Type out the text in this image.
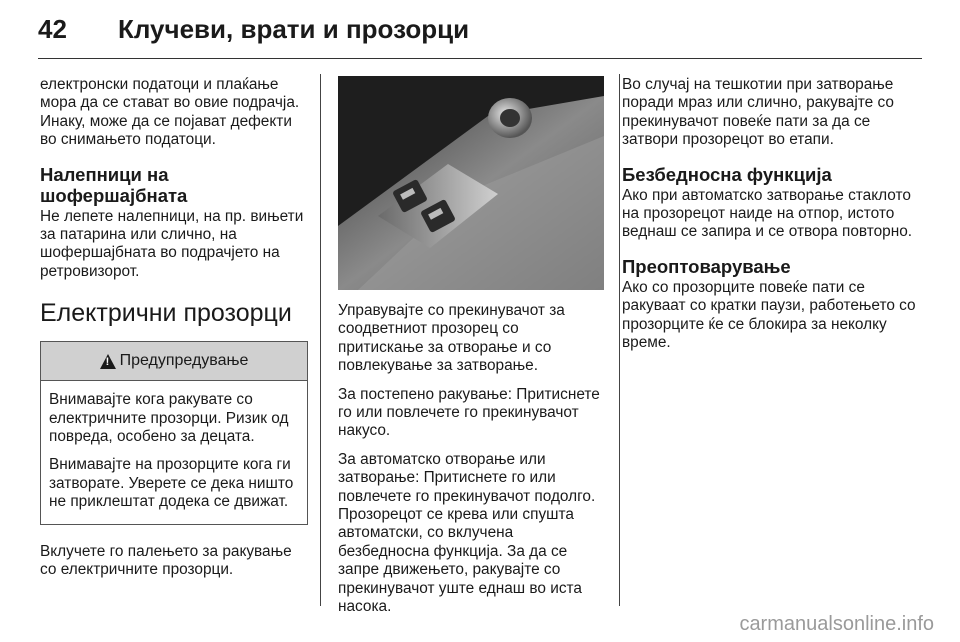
42 Клучеви, врати и прозорци

електронски податоци и плаќање мора да се стават во овие подрачја. Инаку, може да се појават дефекти во снимањето податоци.

Налепници на шофершајбната

Не лепете налепници, на пр. вињети за патарина или слично, на шофершајбната во подрачјето на ретровизорот.

Електрични прозорци
!
Предупредување

Внимавајте кога ракувате со електричните прозорци. Ризик од повреда, особено за децата.

Внимавајте на прозорците кога ги затворате. Уверете се дека ништо не приклештат додека се движат.

Вклучете го палењето за ракување со електричните прозорци.

Управувајте со прекинувачот за соодветниот прозорец со притискање за отворање и со повлекување за затворање.

За постепено ракување: Притиснете го или повлечете го прекинувачот накусо.

За автоматско отворање или затворање: Притиснете го или повлечете го прекинувачот подолго. Прозорецот се крева или спушта автоматски, со вклучена безбедносна функција. За да се запре движењето, ракувајте со прекинувачот уште еднаш во иста насока.

Во случај на тешкотии при затворање поради мраз или слично, ракувајте со прекинувачот повеќе пати за да се затвори прозорецот во етапи.

Безбедносна функција

Ако при автоматско затворање стаклото на прозорецот наиде на отпор, истото веднаш се запира и се отвора повторно.

Преоптоварување

Ако со прозорците повеќе пати се ракуваат со кратки паузи, работењето со прозорците ќе се блокира за неколку време.

carmanualsonline.info
